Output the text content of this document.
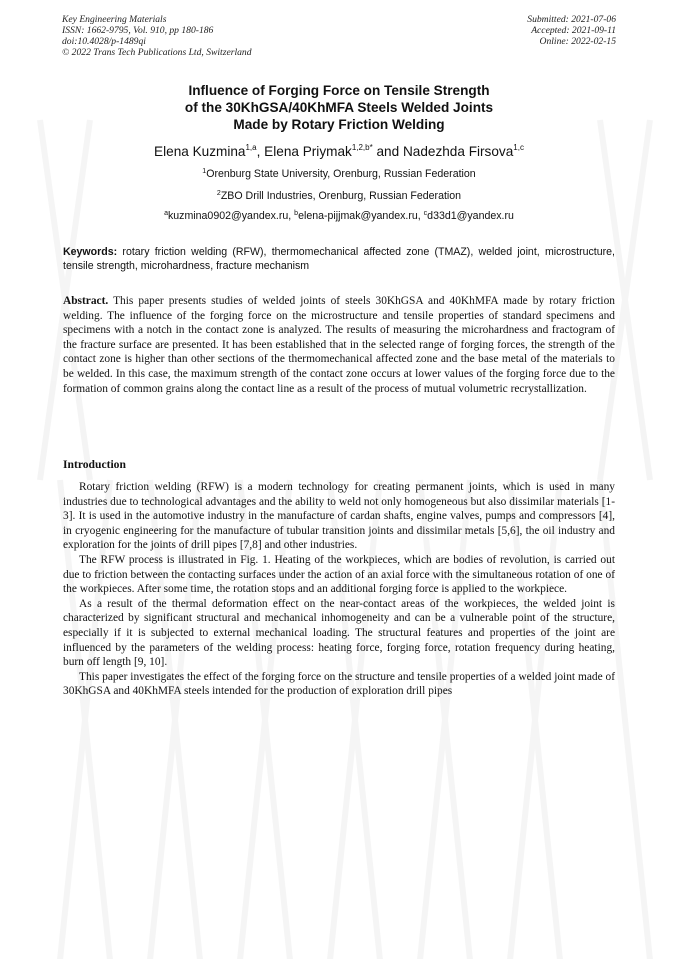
Key Engineering Materials
ISSN: 1662-9795, Vol. 910, pp 180-186
doi:10.4028/p-1489qi
© 2022 Trans Tech Publications Ltd, Switzerland
Submitted: 2021-07-06
Accepted: 2021-09-11
Online: 2022-02-15
Influence of Forging Force on Tensile Strength
of the 30KhGSA/40KhMFA Steels Welded Joints
Made by Rotary Friction Welding
Elena Kuzmina$^{1,a}$, Elena Priymak$^{1,2,b*}$ and Nadezhda Firsova$^{1,c}$
$^1$Orenburg State University, Orenburg, Russian Federation
$^2$ZBO Drill Industries, Orenburg, Russian Federation
$^a$kuzmina0902@yandex.ru, $^b$elena-pijjmak@yandex.ru, $^c$d33d1@yandex.ru
Keywords: rotary friction welding (RFW), thermomechanical affected zone (TMAZ), welded joint, microstructure, tensile strength, microhardness, fracture mechanism
Abstract. This paper presents studies of welded joints of steels 30KhGSA and 40KhMFA made by rotary friction welding. The influence of the forging force on the microstructure and tensile properties of standard specimens and specimens with a notch in the contact zone is analyzed. The results of measuring the microhardness and fractogram of the fracture surface are presented. It has been established that in the selected range of forging forces, the strength of the contact zone is higher than other sections of the thermomechanical affected zone and the base metal of the materials to be welded. In this case, the maximum strength of the contact zone occurs at lower values of the forging force due to the formation of common grains along the contact line as a result of the process of mutual volumetric recrystallization.
Introduction

Rotary friction welding (RFW) is a modern technology for creating permanent joints, which is used in many industries due to technological advantages and the ability to weld not only homogeneous but also dissimilar materials [1-3]. It is used in the automotive industry in the manufacture of cardan shafts, engine valves, pumps and compressors [4], in cryogenic engineering for the manufacture of tubular transition joints and dissimilar metals [5,6], the oil industry and exploration for the joints of drill pipes [7,8] and other industries.

The RFW process is illustrated in Fig. 1. Heating of the workpieces, which are bodies of revolution, is carried out due to friction between the contacting surfaces under the action of an axial force with the simultaneous rotation of one of the workpieces. After some time, the rotation stops and an additional forging force is applied to the workpiece.

As a result of the thermal deformation effect on the near-contact areas of the workpieces, the welded joint is characterized by significant structural and mechanical inhomogeneity and can be a vulnerable point of the structure, especially if it is subjected to external mechanical loading. The structural features and properties of the joint are influenced by the parameters of the welding process: heating force, forging force, rotation frequency during heating, burn off length [9, 10].

This paper investigates the effect of the forging force on the structure and tensile properties of a welded joint made of 30KhGSA and 40KhMFA steels intended for the production of exploration drill pipes
